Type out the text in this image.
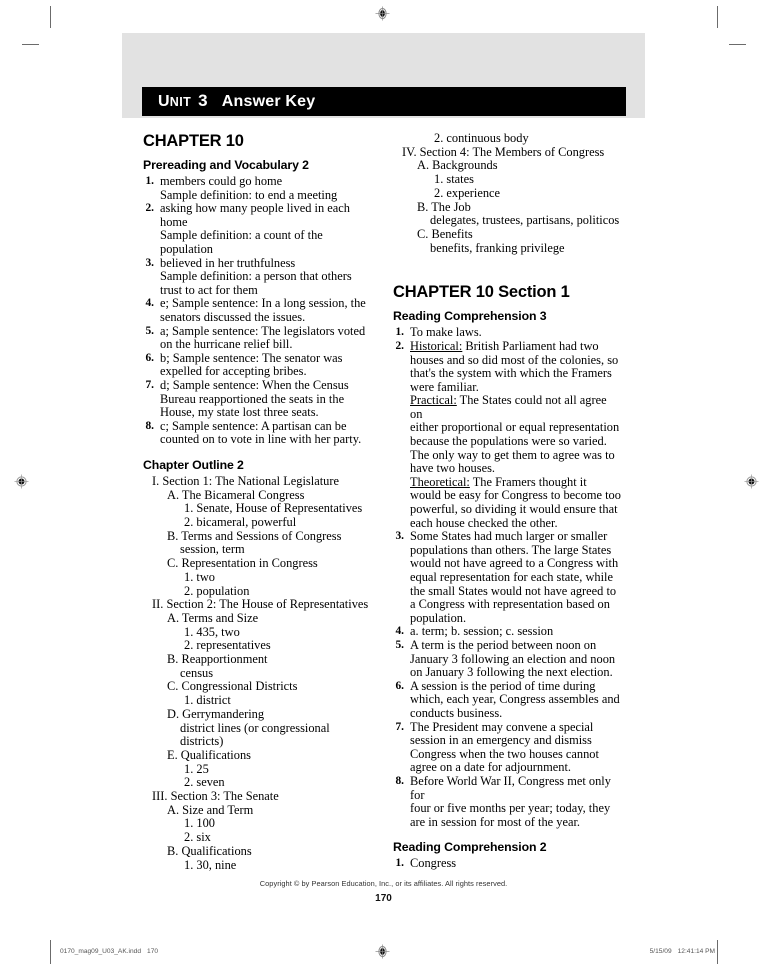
UNIT 3 Answer Key
CHAPTER 10
Prereading and Vocabulary 2
1. members could go home
Sample definition: to end a meeting
2. asking how many people lived in each
home
Sample definition: a count of the
population
3. believed in her truthfulness
Sample definition: a person that others
trust to act for them
4. e; Sample sentence: In a long session, the
senators discussed the issues.
5. a; Sample sentence: The legislators voted
on the hurricane relief bill.
6. b; Sample sentence: The senator was
expelled for accepting bribes.
7. d; Sample sentence: When the Census
Bureau reapportioned the seats in the
House, my state lost three seats.
8. c; Sample sentence: A partisan can be
counted on to vote in line with her party.
Chapter Outline 2
I. Section 1: The National Legislature
A. The Bicameral Congress
1. Senate, House of Representatives
2. bicameral, powerful
B. Terms and Sessions of Congress
session, term
C. Representation in Congress
1. two
2. population
II. Section 2: The House of Representatives
A. Terms and Size
1. 435, two
2. representatives
B. Reapportionment
census
C. Congressional Districts
1. district
D. Gerrymandering
district lines (or congressional districts)
E. Qualifications
1. 25
2. seven
III. Section 3: The Senate
A. Size and Term
1. 100
2. six
B. Qualifications
1. 30, nine
2. continuous body
IV. Section 4: The Members of Congress
A. Backgrounds
1. states
2. experience
B. The Job
delegates, trustees, partisans, politicos
C. Benefits
benefits, franking privilege
CHAPTER 10 Section 1
Reading Comprehension 3
1. To make laws.
2. Historical: British Parliament had two
houses and so did most of the colonies, so
that's the system with which the Framers
were familiar.
Practical: The States could not all agree on
either proportional or equal representation
because the populations were so varied.
The only way to get them to agree was to
have two houses.
Theoretical: The Framers thought it
would be easy for Congress to become too
powerful, so dividing it would ensure that
each house checked the other.
3. Some States had much larger or smaller
populations than others. The large States
would not have agreed to a Congress with
equal representation for each state, while
the small States would not have agreed to
a Congress with representation based on
population.
4. a. term; b. session; c. session
5. A term is the period between noon on
January 3 following an election and noon
on January 3 following the next election.
6. A session is the period of time during
which, each year, Congress assembles and
conducts business.
7. The President may convene a special
session in an emergency and dismiss
Congress when the two houses cannot
agree on a date for adjournment.
8. Before World War II, Congress met only for
four or five months per year; today, they
are in session for most of the year.
Reading Comprehension 2
1. Congress
Copyright © by Pearson Education, Inc., or its affiliates. All rights reserved.
170
0170_mag09_U03_AK.indd 170	5/15/09 12:41:14 PM
